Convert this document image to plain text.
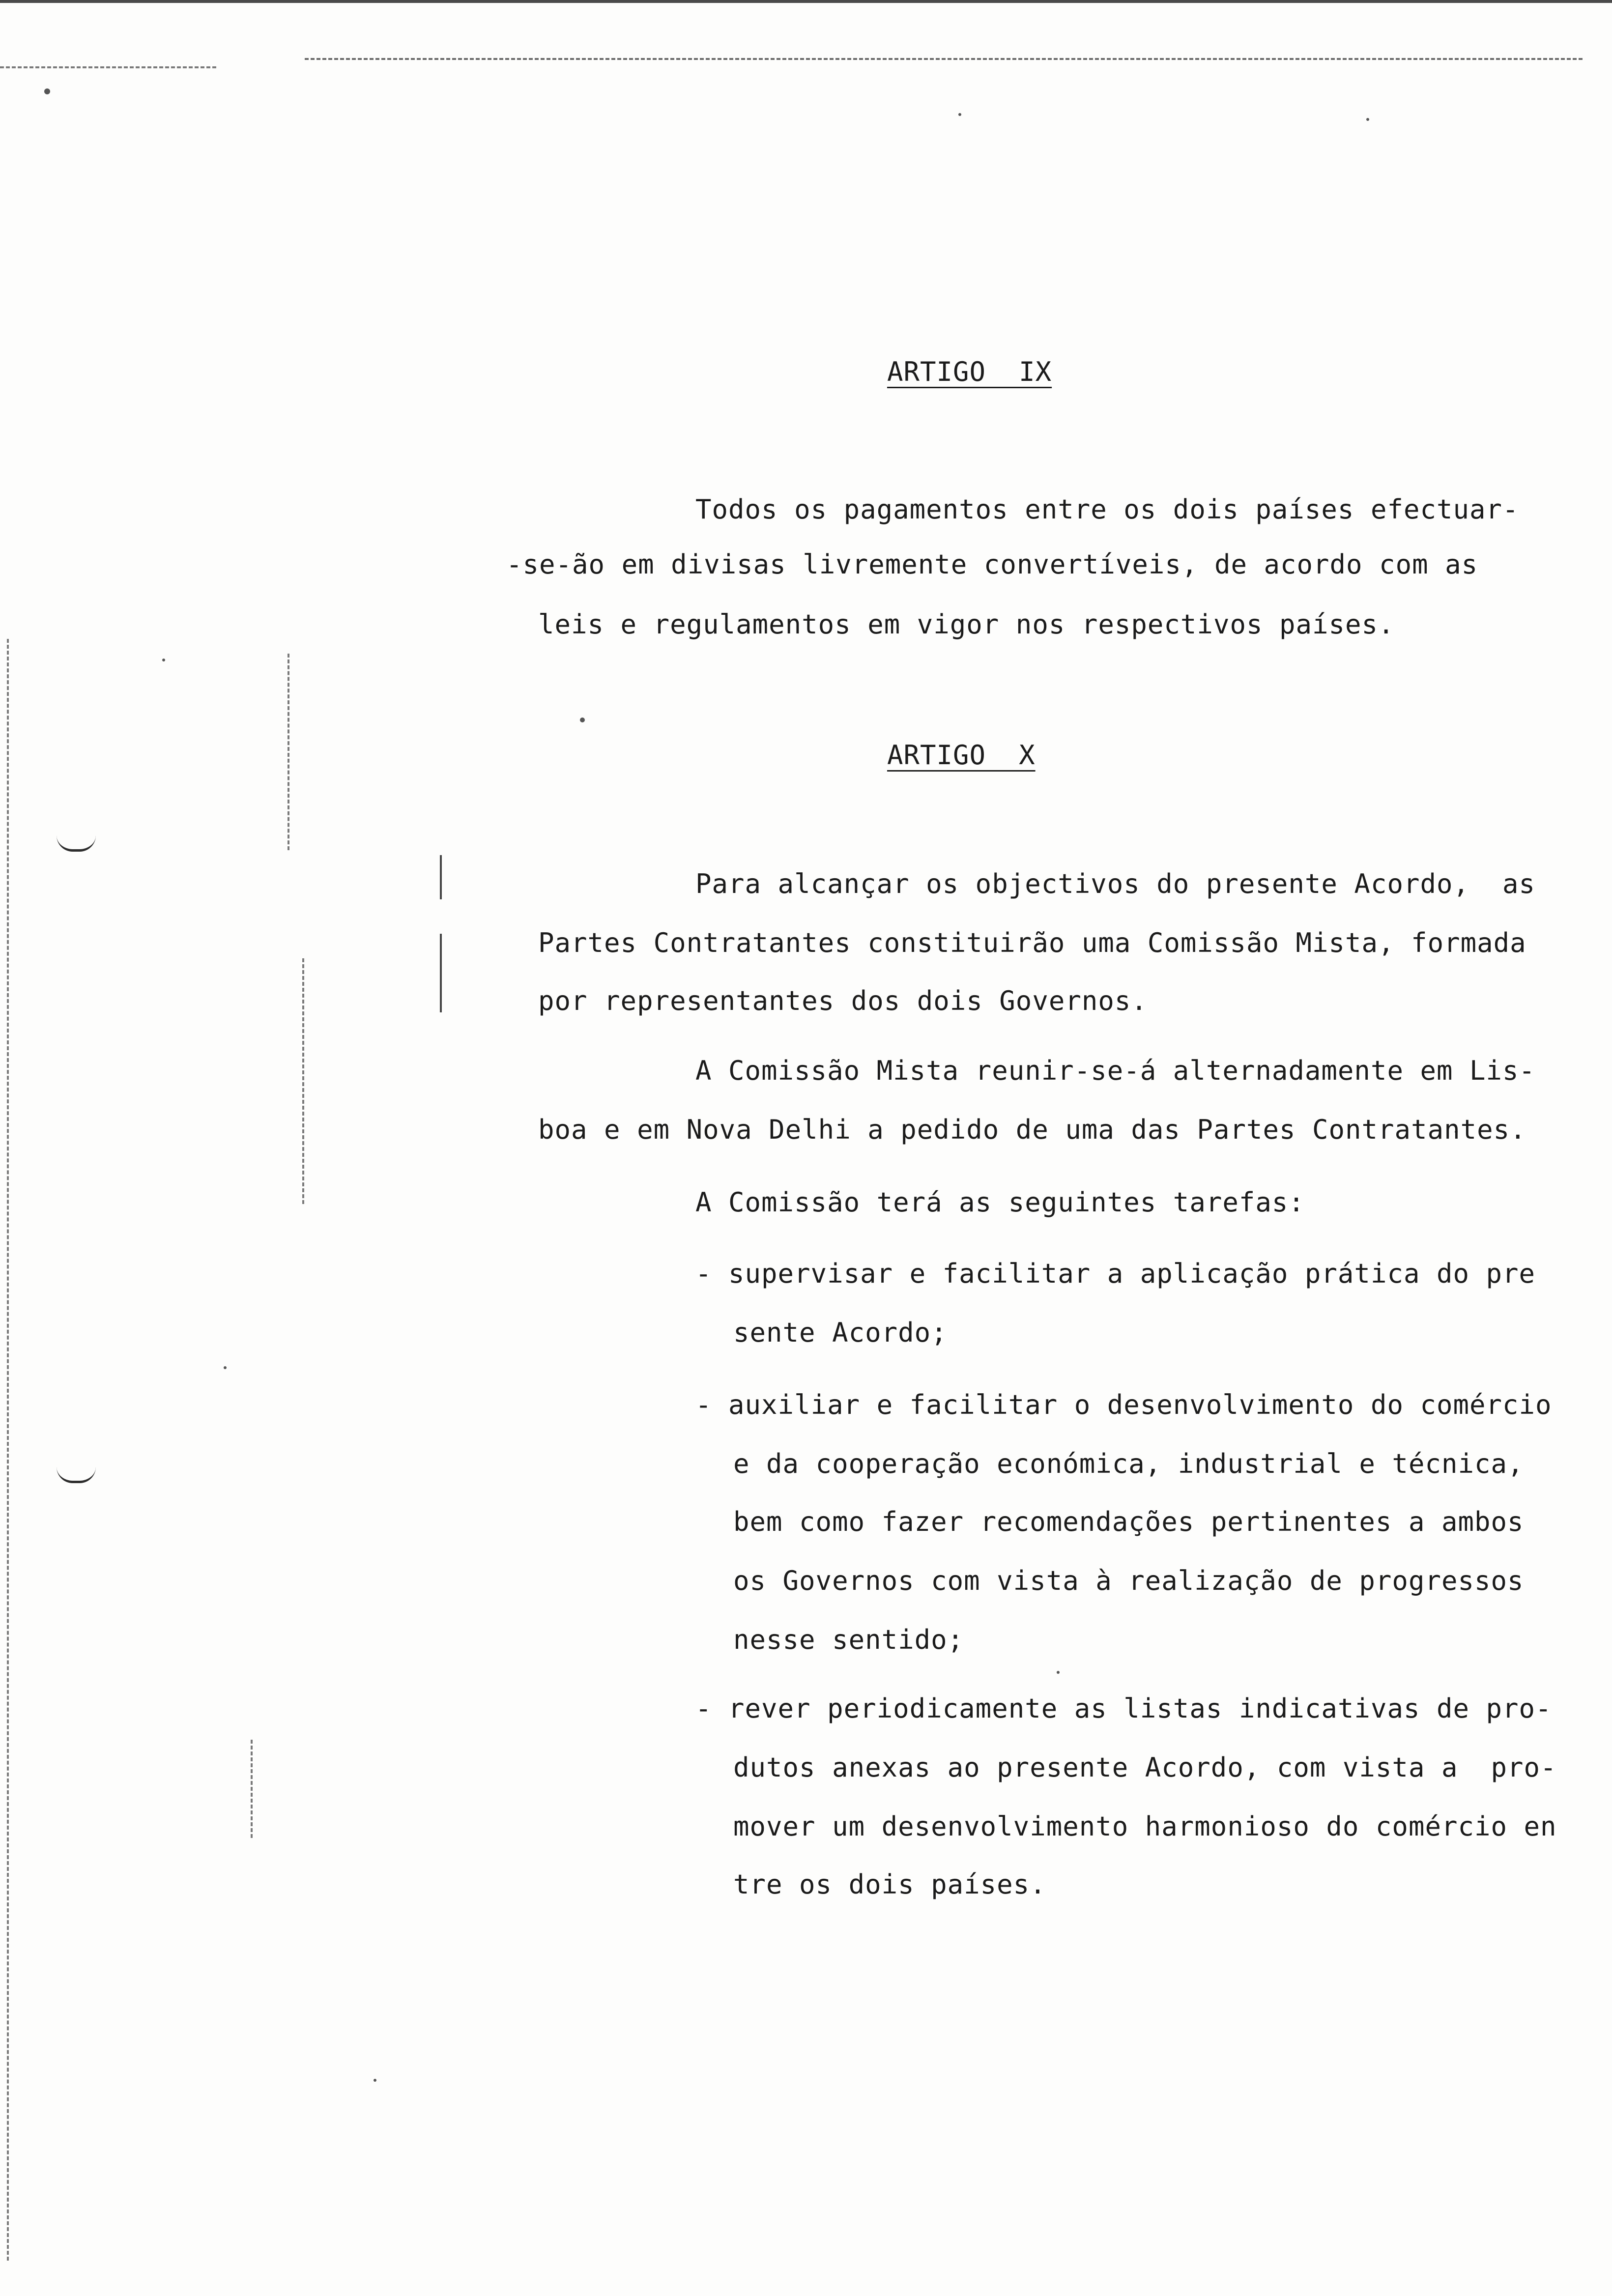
ARTIGO  IX
Todos os pagamentos entre os dois países efectuar-
-se-ão em divisas livremente convertíveis, de acordo com as
leis e regulamentos em vigor nos respectivos países.
ARTIGO  X
Para alcançar os objectivos do presente Acordo,  as
Partes Contratantes constituirão uma Comissão Mista, formada
por representantes dos dois Governos.
A Comissão Mista reunir-se-á alternadamente em Lis-
boa e em Nova Delhi a pedido de uma das Partes Contratantes.
A Comissão terá as seguintes tarefas:
- supervisar e facilitar a aplicação prática do pre
sente Acordo;
- auxiliar e facilitar o desenvolvimento do comércio
e da cooperação económica, industrial e técnica,
bem como fazer recomendações pertinentes a ambos
os Governos com vista à realização de progressos
nesse sentido;
- rever periodicamente as listas indicativas de pro-
dutos anexas ao presente Acordo, com vista a  pro-
mover um desenvolvimento harmonioso do comércio en
tre os dois países.
